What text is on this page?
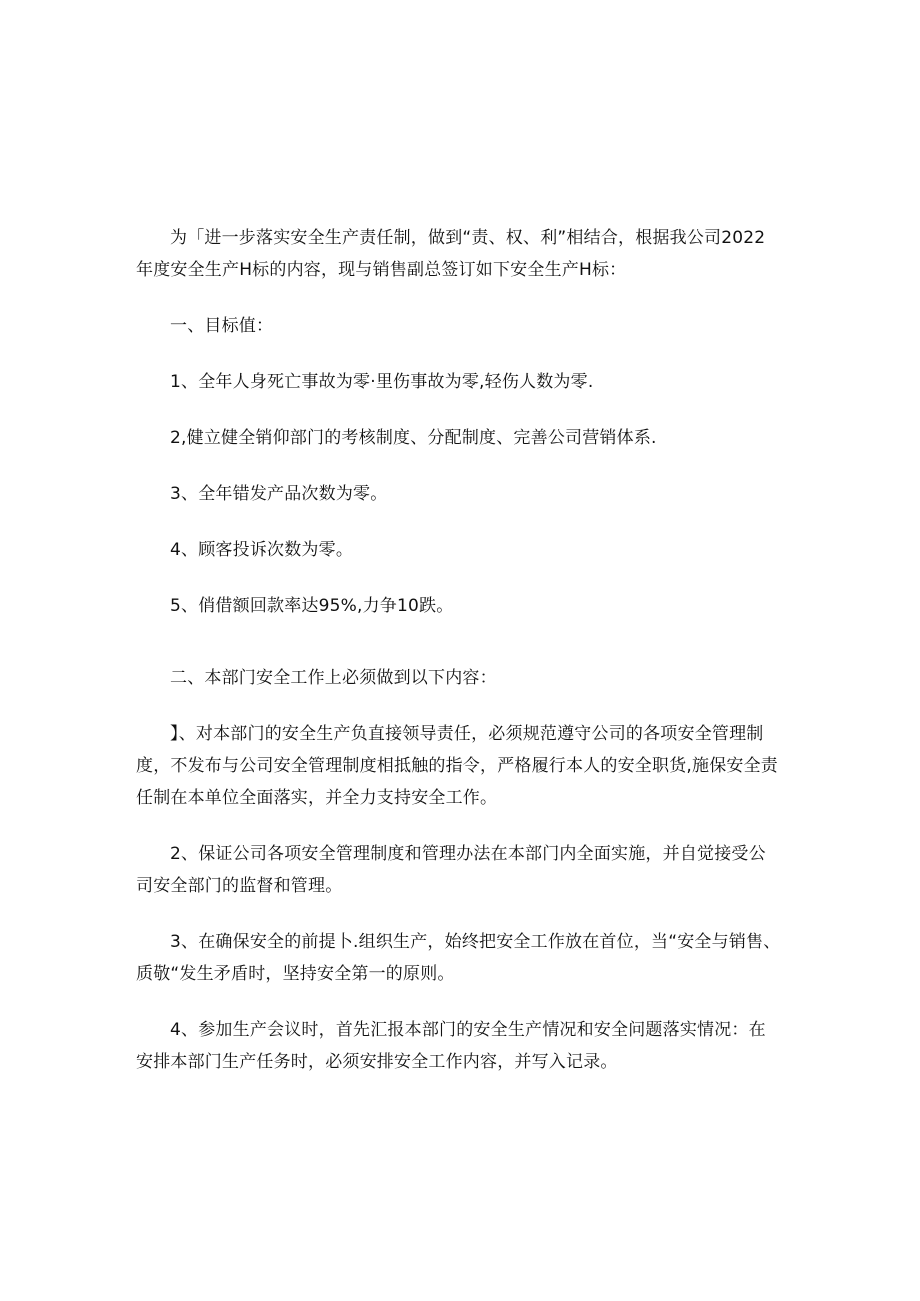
为「进一步落实安全生产责任制，做到“责、权、利”相结合，根据我公司2022年度安全生产H标的内容，现与销售副总签订如下安全生产H标：

一、目标值：

1、全年人身死亡事故为零·里伤事故为零,轻伤人数为零.

2,健立健全销仰部门的考核制度、分配制度、完善公司营销体系.

3、全年错发产品次数为零。

4、顾客投诉次数为零。

5、俏借额回款率达95%,力争10跌。

二、本部门安全工作上必须做到以下内容：

】、对本部门的安全生产负直接领导责任，必须规范遵守公司的各项安全管理制度，不发布与公司安全管理制度相抵触的指令，严格履行本人的安全职货,施保安全责任制在本单位全面落实，并全力支持安全工作。

2、保证公司各项安全管理制度和管理办法在本部门内全面实施，并自觉接受公司安全部门的监督和管理。

3、在确保安全的前提卜.组织生产，始终把安全工作放在首位，当“安全与销售、质敬“发生矛盾时，坚持安全第一的原则。

4、参加生产会议时，首先汇报本部门的安全生产情况和安全问题落实情况：在安排本部门生产任务时，必须安排安全工作内容，并写入记录。
